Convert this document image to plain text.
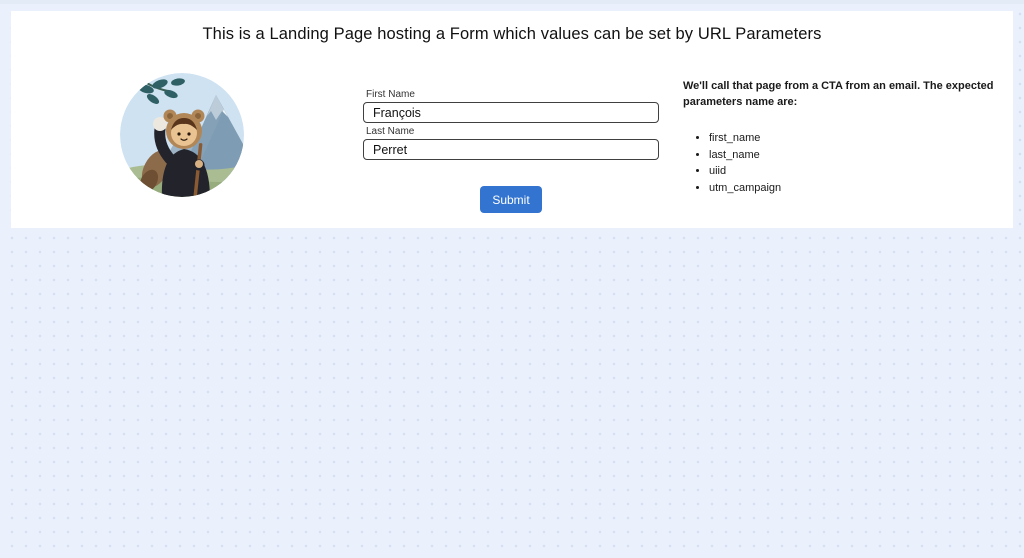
This is a Landing Page hosting a Form which values can be set by URL Parameters
First Name
François
Last Name
Perret
Submit

We'll call that page from a CTA from an email. The expected parameters name are:

• first_name
• last_name
• uiid
• utm_campaign
